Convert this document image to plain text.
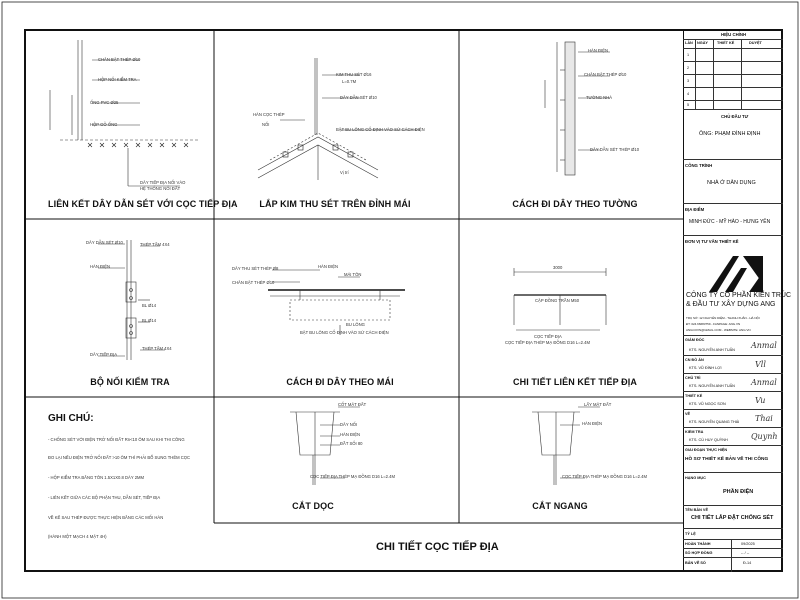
LIÊN KẾT DÂY DẪN SÉT VỚI CỌC TIẾP ĐỊA	LẮP KIM THU SÉT TRÊN ĐỈNH MÁI	CÁCH ĐI DÂY THEO TƯỜNG
BỘ NỐI KIỂM TRA	CÁCH ĐI DÂY THEO MÁI	CHI TIẾT LIÊN KẾT TIẾP ĐỊA
CẮT DỌC	CẮT NGANG
CHÂN BẬT THÉP Ø10
HỘP NỐI KIỂM TRA
ỐNG PVC Ø25
HỘP GỖ ỐNG
DÂY TIẾP ĐỊA NỐI VÀO
HỆ THỐNG NỐI ĐẤT
KIM THU SÉT Ø16
L=0.7M
DÂY DẪN SÉT Ø10
HÀN CỌC THÉP
NỐI
BẬT BU LÔNG CỐ ĐỊNH VÀO SỨ CÁCH ĐIỆN
Vị trí
HÀN ĐIỆN
CHÂN BẬT THÉP Ø10
TƯỜNG NHÀ
DÂY DẪN SÉT THÉP Ø10
DÂY DẪN SÉT Ø10
HÀN ĐIỆN
THÉP TẤM 4X4
BL Ø14
BL Ø14
DÂY TIẾP ĐỊA
THÉP TẤM 4X4
DÂY THU SÉT THÉP Ø8	HÀN ĐIỆN
MÁI TÔN
CHÂN BẬT THÉP Ø10
BU LÔNG
BẬT BU LÔNG CỐ ĐỊNH VÀO SỨ CÁCH ĐIỆN
3000
CẶP ĐỒNG TRẦN M50
CỌC TIẾP ĐỊA
CỌC TIẾP ĐỊA THÉP MẠ ĐỒNG D16 L=2.4M
CỐT MẶT ĐẤT
DÂY NỐI
HÀN ĐIỆN
ĐẦT SỐI 80
CỌC TIẾP ĐỊA THÉP MẠ ĐỒNG D16 L=2.4M
LẤY MẶT ĐẤT
HÀN ĐIỆN
CỌC TIẾP ĐỊA THÉP MẠ ĐỒNG D16 L=2.4M
GHI CHÚ:
- CHỐNG SÉT VỚI ĐIỆN TRỞ NỐI ĐẤT Rn<10 ÔM SAU KHI THI CÔNG
ĐO LẠI NẾU ĐIỆN TRỞ NỐI ĐẤT >10 ÔM THÌ PHẢI BỔ SUNG THÊM CỌC
- HỘP KIỂM TRA BẰNG TÔN 1.5X1X0.8 DÀY 2MM
- LIÊN KẾT GIỮA CÁC BỘ PHẬN THU, DẪN SÉT, TIẾP ĐỊA
VỀ KẾ SAU THÉP ĐƯỢC THỰC HIỆN BẰNG CÁC MỐI HÀN
(HÀNH MỘT MẠCH 4 MẶT 4H)
CHI TIẾT CỌC TIẾP ĐỊA
HIỆU CHỈNH
LẦN NGÀY THIẾT KẾ	DUYỆT
1
2
3
4
5
CHỦ ĐẦU TƯ
ÔNG: PHẠM ĐÌNH ĐỊNH
CÔNG TRÌNH
NHÀ Ở DÂN DỤNG
ĐỊA ĐIỂM
MINH ĐỨC - MỸ HÀO - HƯNG YÊN
ĐƠN VỊ TƯ VẤN THIẾT KẾ
CÔNG TY CỔ PHẦN KIẾN TRÚC
& ĐẦU TƯ XÂY DỰNG ANG
TRỤ SỞ: 12 NGUYỄN DIỆM - THANH XUÂN - HÀ NỘI
ĐT: 024.66683759 - FANPAGE: ANG.VN
ANGCOVN@GMAIL.COM - WEBSITE: ANG.VN
GIÁM ĐỐC
KTS. NGUYỄN ANH TUẤN Anmal
CN ĐỒ ÁN
KTS. VŨ ĐÌNH LỢI	Vll
CHỦ TRÌ
KTS. NGUYỄN ANH TUẤN Anmal
THIẾT KẾ
KTS. VŨ NGỌC SƠN	Vu
VẼ
KTS. NGUYỄN QUANG THÁI Thai
KIỂM TRA
KTS. CÙ HUY QUỲNH	Quynh
GIAI ĐOẠN THỰC HIỆN
HỒ SƠ THIẾT KẾ BẢN VẼ THI CÔNG
HẠNG MỤC
PHẦN ĐIỆN
TÊN BẢN VẼ
CHI TIẾT LẮP ĐẶT CHỐNG SÉT
TỶ LỆ
HOÀN THÀNH	09/2025
SỐ HỢP ĐỒNG	-- / --
BẢN VẼ SỐ	Đ-14
